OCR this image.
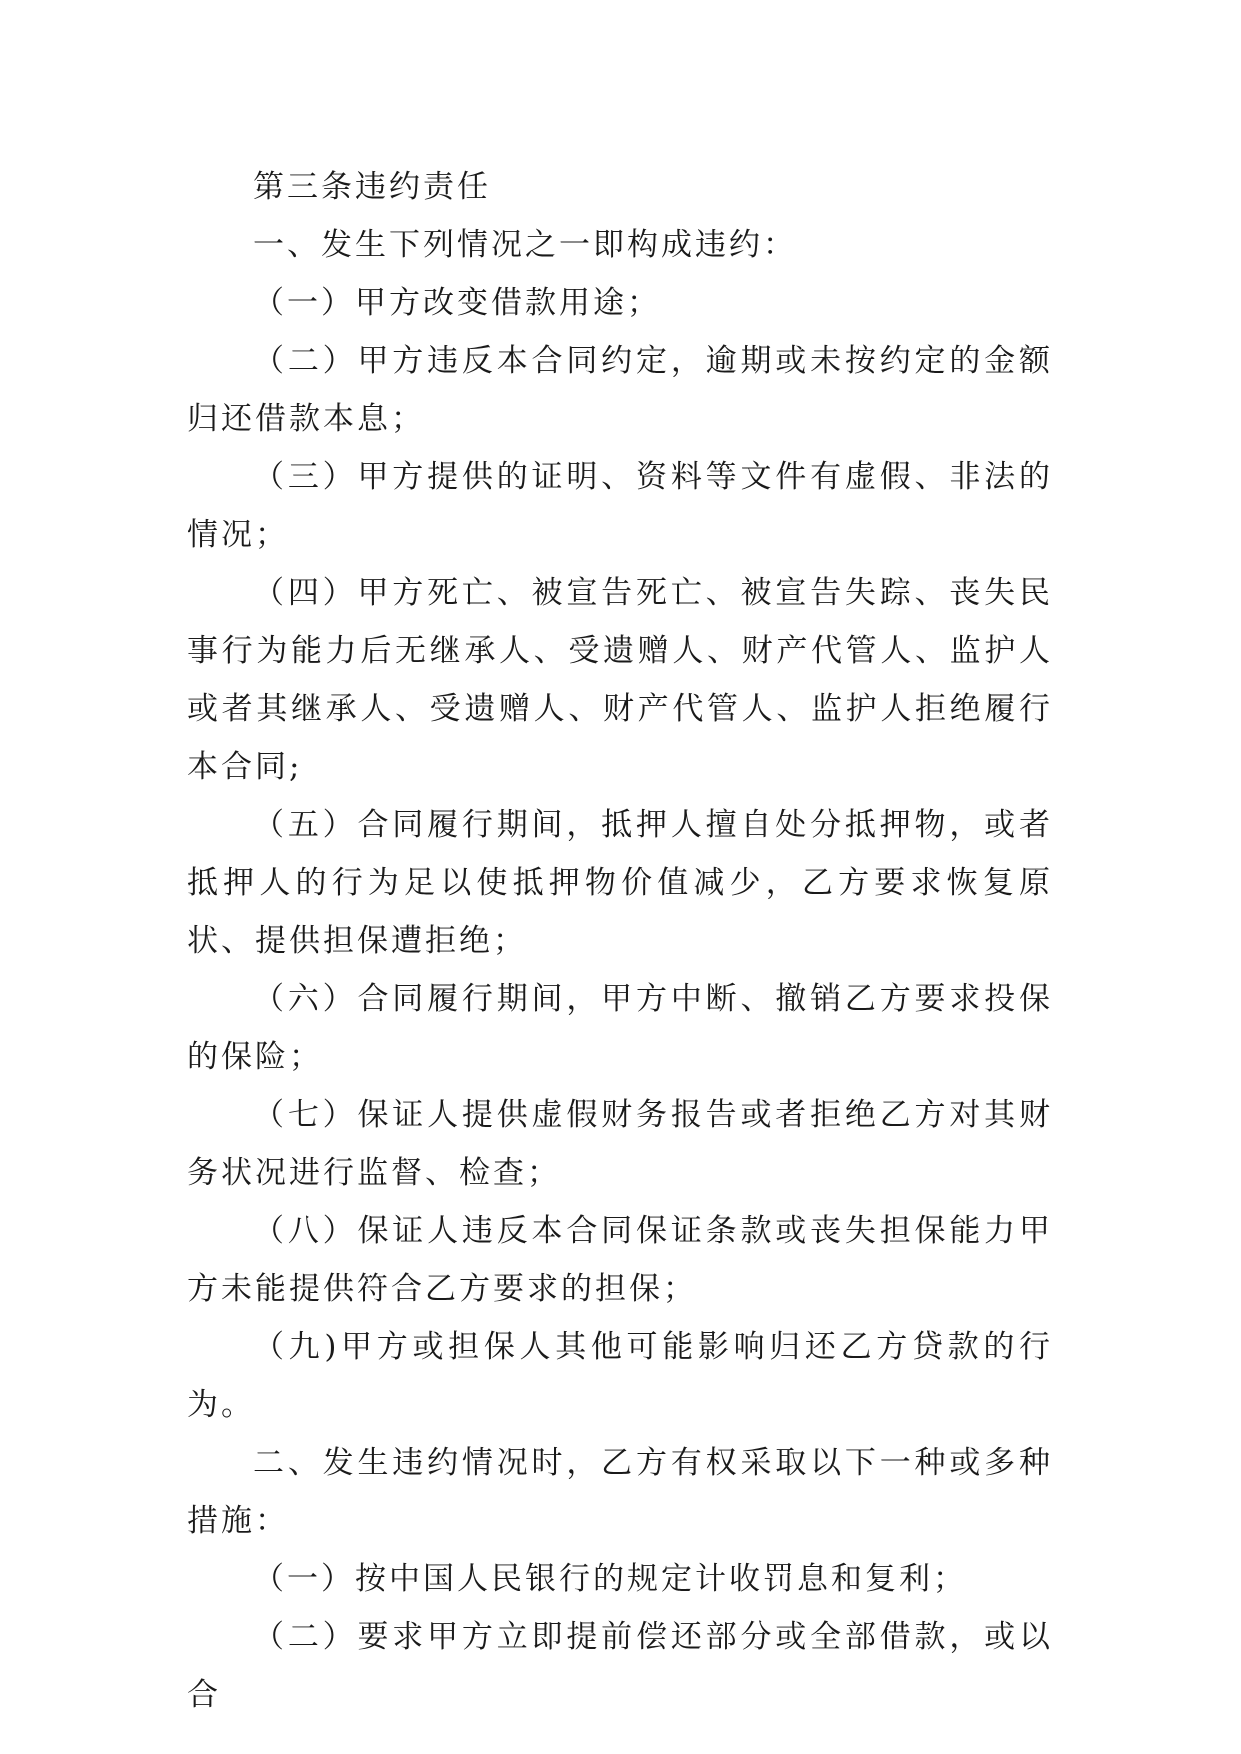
第三条违约责任

一、发生下列情况之一即构成违约：

（一）甲方改变借款用途；

（二）甲方违反本合同约定，逾期或未按约定的金额归还借款本息；

（三）甲方提供的证明、资料等文件有虚假、非法的情况；

（四）甲方死亡、被宣告死亡、被宣告失踪、丧失民事行为能力后无继承人、受遗赠人、财产代管人、监护人或者其继承人、受遗赠人、财产代管人、监护人拒绝履行本合同;

（五）合同履行期间，抵押人擅自处分抵押物，或者抵押人的行为足以使抵押物价值减少，乙方要求恢复原状、提供担保遭拒绝；

（六）合同履行期间，甲方中断、撤销乙方要求投保的保险；

（七）保证人提供虚假财务报告或者拒绝乙方对其财务状况进行监督、检查；

（八）保证人违反本合同保证条款或丧失担保能力甲方未能提供符合乙方要求的担保；

（九)甲方或担保人其他可能影响归还乙方贷款的行为。

二、发生违约情况时，乙方有权采取以下一种或多种措施：

（一）按中国人民银行的规定计收罚息和复利；

（二）要求甲方立即提前偿还部分或全部借款，或以合
